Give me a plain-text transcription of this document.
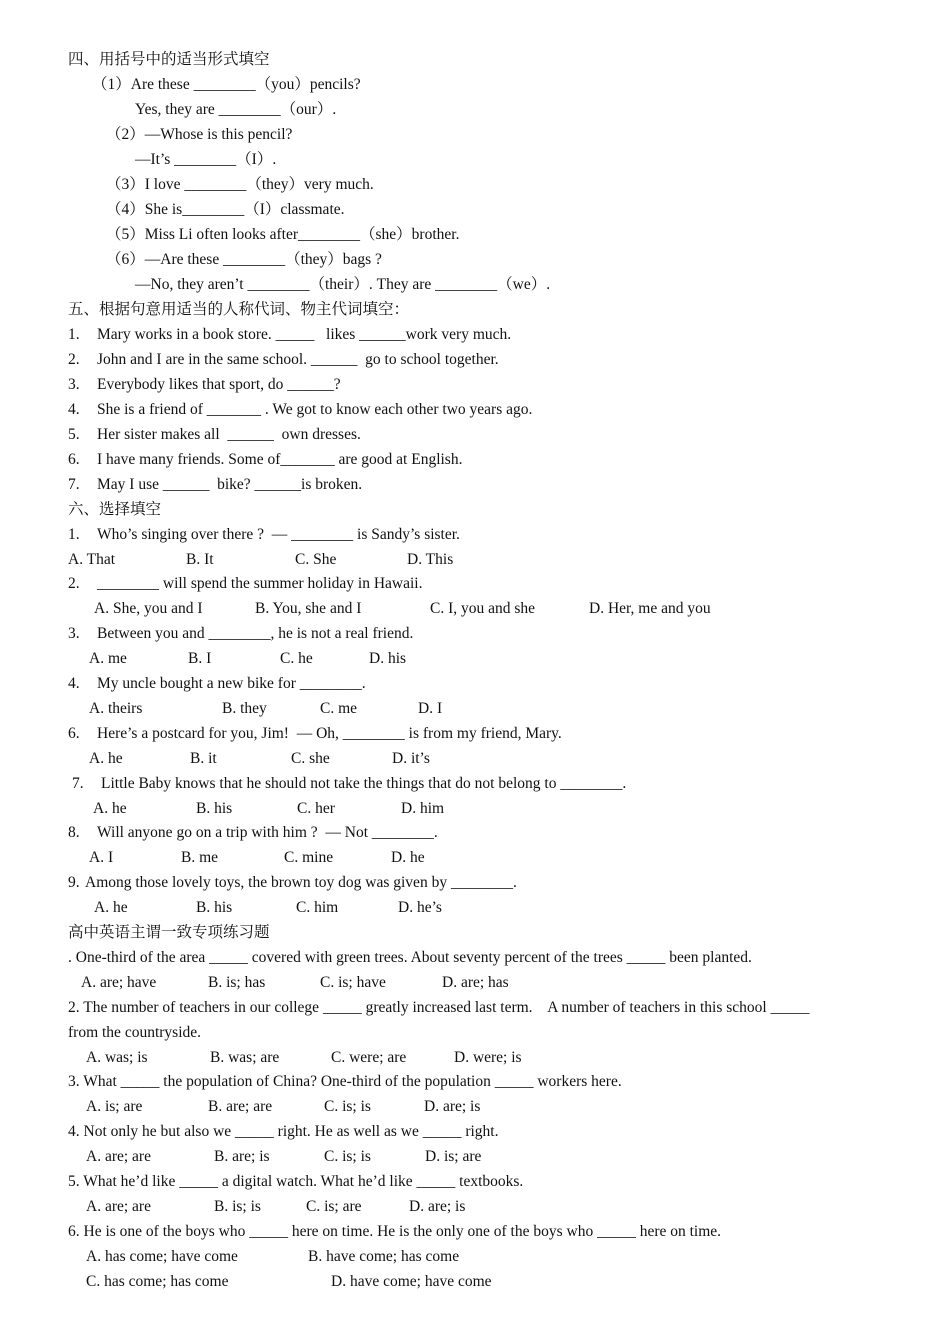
四、用括号中的适当形式填空
（1）Are these ________（you）pencils?
Yes, they are ________（our）.
（2）—Whose is this pencil?
—It’s ________（I）.
（3）I love ________（they）very much.
（4）She is________（I）classmate.
（5）Miss Li often looks after________（she）brother.
（6）—Are these ________（they）bags ?
—No, they aren’t ________（their）. They are ________（we）.
五、根据句意用适当的人称代词、物主代词填空：
1. Mary works in a book store. _____   likes ______work very much.
2. John and I are in the same school. ______  go to school together.
3. Everybody likes that sport, do ______?
4. She is a friend of _______ . We got to know each other two years ago.
5. Her sister makes all  ______  own dresses.
6. I have many friends. Some of_______ are good at English.
7. May I use ______  bike? ______is broken.
六、选择填空
1. Who’s singing over there ?  — ________ is Sandy’s sister.
A. That	B. It	C. She	D. This
2. ________ will spend the summer holiday in Hawaii.
A. She, you and I	B. You, she and I	C. I, you and she	D. Her, me and you
3. Between you and ________, he is not a real friend.
A. me	B. I	C. he	D. his
4. My uncle bought a new bike for ________.
A. theirs	B. they	C. me	D. I
6. Here’s a postcard for you, Jim!  — Oh, ________ is from my friend, Mary.
A. he	B. it	C. she	D. it’s
7. Little Baby knows that he should not take the things that do not belong to ________.
A. he	B. his	C. her	D. him
8. Will anyone go on a trip with him ?  — Not ________.
A. I	B. me	C. mine	D. he
9. Among those lovely toys, the brown toy dog was given by ________.
A. he	B. his	C. him	D. he’s
高中英语主谓一致专项练习题
. One-third of the area _____ covered with green trees. About seventy percent of the trees _____ been planted.
A. are; have	B. is; has	C. is; have	D. are; has
2. The number of teachers in our college _____ greatly increased last term.    A number of teachers in this school _____
from the countryside.
A. was; is	B. was; are	C. were; are	D. were; is
3. What _____ the population of China? One-third of the population _____ workers here.
A. is; are	B. are; are	C. is; is	D. are; is
4. Not only he but also we _____ right. He as well as we _____ right.
A. are; are	B. are; is	C. is; is	D. is; are
5. What he’d like _____ a digital watch. What he’d like _____ textbooks.
A. are; are	B. is; is	C. is; are	D. are; is
6. He is one of the boys who _____ here on time. He is the only one of the boys who _____ here on time.
A. has come; have come	B. have come; has come
C. has come; has come	D. have come; have come
